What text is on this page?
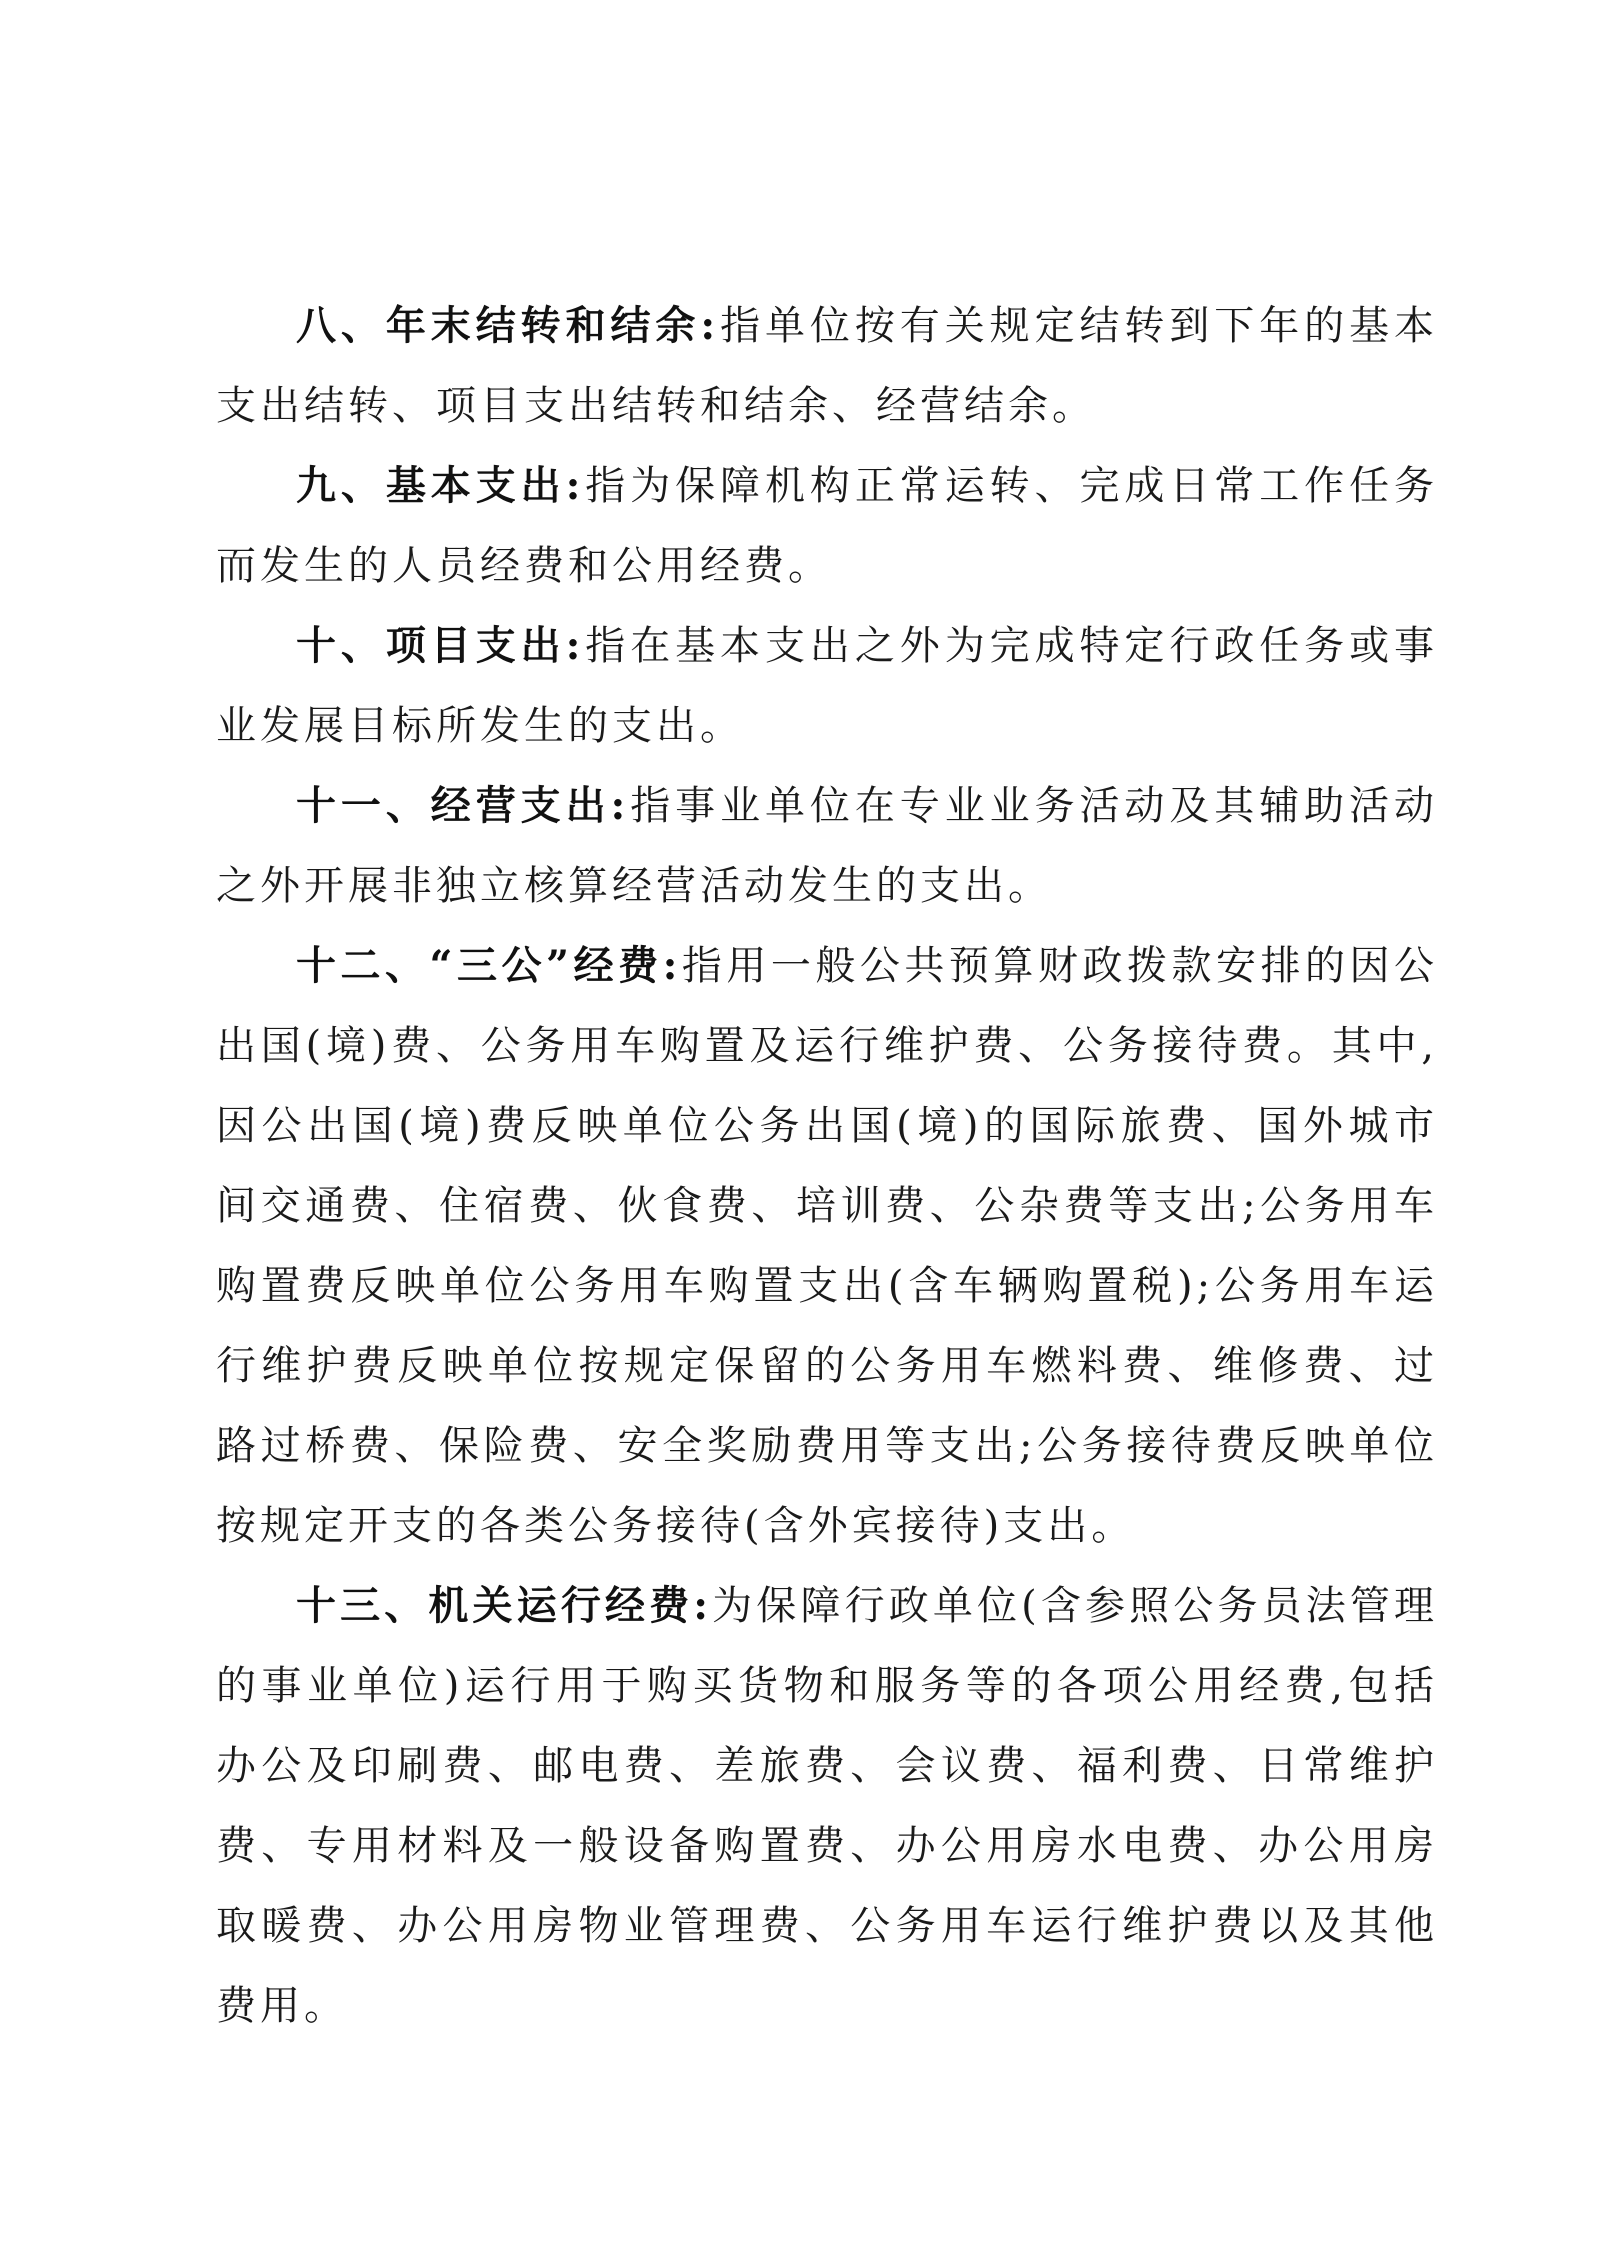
八、年末结转和结余:指单位按有关规定结转到下年的基本支出结转、项目支出结转和结余、经营结余。

九、基本支出:指为保障机构正常运转、完成日常工作任务而发生的人员经费和公用经费。

十、项目支出:指在基本支出之外为完成特定行政任务或事业发展目标所发生的支出。

十一、经营支出:指事业单位在专业业务活动及其辅助活动之外开展非独立核算经营活动发生的支出。

十二、“三公”经费:指用一般公共预算财政拨款安排的因公出国(境)费、公务用车购置及运行维护费、公务接待费。其中,因公出国(境)费反映单位公务出国(境)的国际旅费、国外城市间交通费、住宿费、伙食费、培训费、公杂费等支出;公务用车购置费反映单位公务用车购置支出(含车辆购置税);公务用车运行维护费反映单位按规定保留的公务用车燃料费、维修费、过路过桥费、保险费、安全奖励费用等支出;公务接待费反映单位按规定开支的各类公务接待(含外宾接待)支出。

十三、机关运行经费:为保障行政单位(含参照公务员法管理的事业单位)运行用于购买货物和服务等的各项公用经费,包括办公及印刷费、邮电费、差旅费、会议费、福利费、日常维护费、专用材料及一般设备购置费、办公用房水电费、办公用房取暖费、办公用房物业管理费、公务用车运行维护费以及其他费用。
